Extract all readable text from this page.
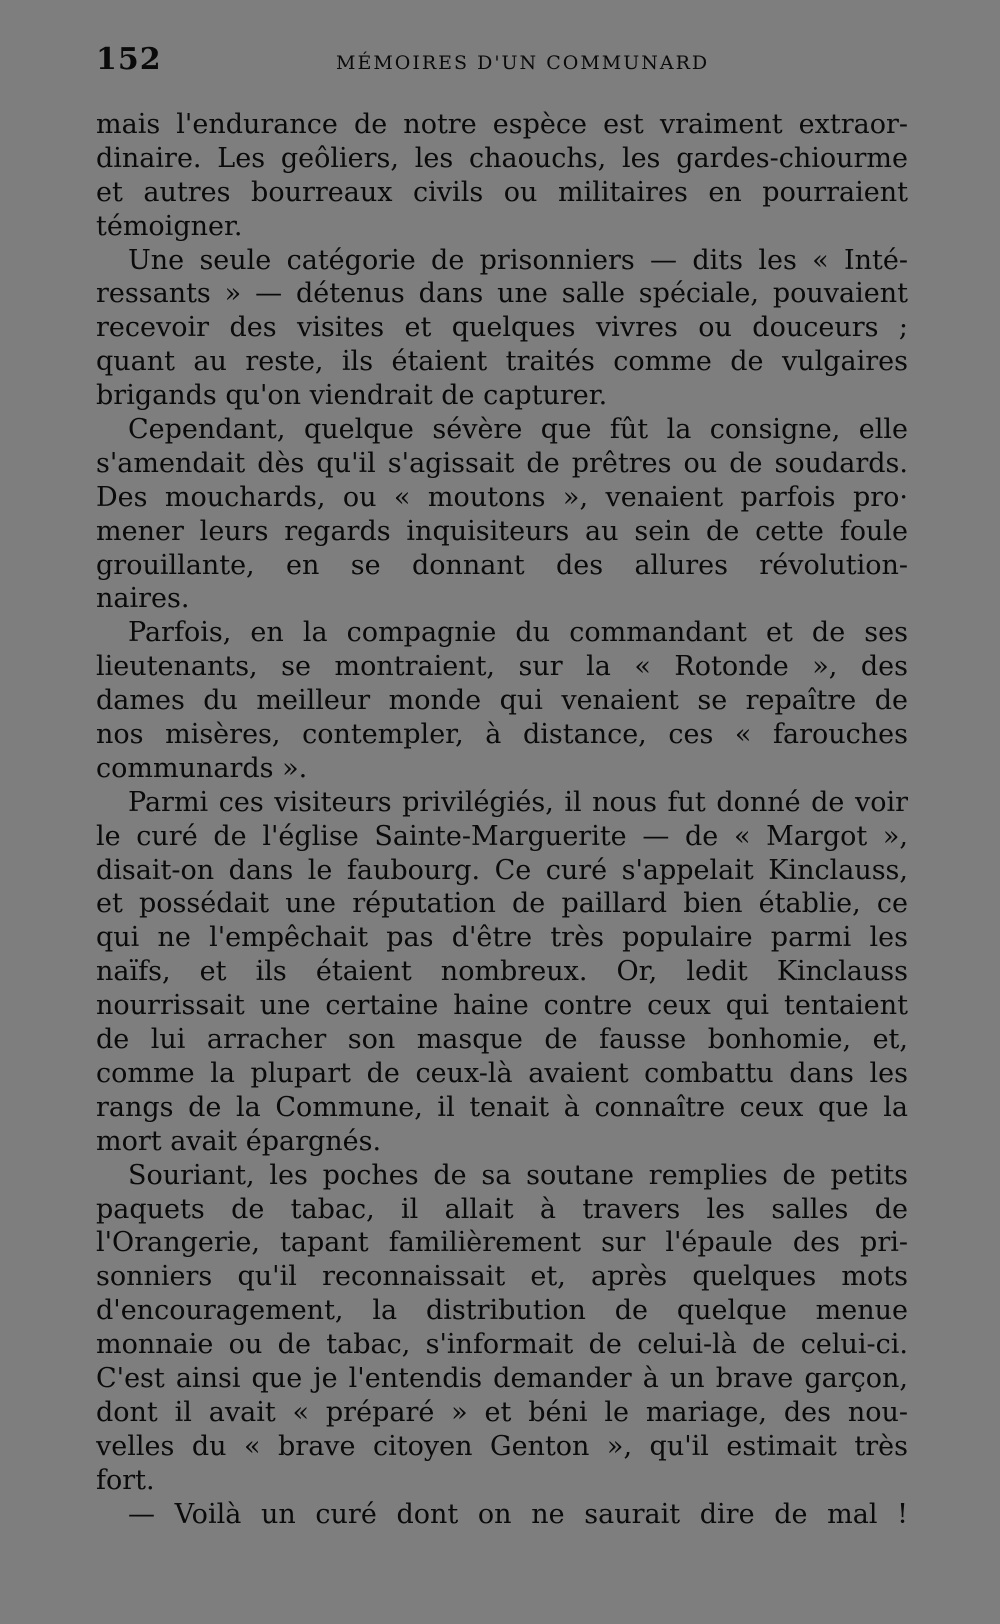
152	MÉMOIRES D'UN COMMUNARD
mais l'endurance de notre espèce est vraiment extraor-
dinaire. Les geôliers, les chaouchs, les gardes-chiourme
et autres bourreaux civils ou militaires en pourraient
témoigner.
Une seule catégorie de prisonniers — dits les « Inté-
ressants » — détenus dans une salle spéciale, pouvaient
recevoir des visites et quelques vivres ou douceurs ;
quant au reste, ils étaient traités comme de vulgaires
brigands qu'on viendrait de capturer.
Cependant, quelque sévère que fût la consigne, elle
s'amendait dès qu'il s'agissait de prêtres ou de soudards.
Des mouchards, ou « moutons », venaient parfois pro·
mener leurs regards inquisiteurs au sein de cette foule
grouillante, en se donnant des allures révolution-
naires.
Parfois, en la compagnie du commandant et de ses
lieutenants, se montraient, sur la « Rotonde », des
dames du meilleur monde qui venaient se repaître de
nos misères, contempler, à distance, ces « farouches
communards ».
Parmi ces visiteurs privilégiés, il nous fut donné de voir
le curé de l'église Sainte-Marguerite — de « Margot »,
disait-on dans le faubourg. Ce curé s'appelait Kinclauss,
et possédait une réputation de paillard bien établie, ce
qui ne l'empêchait pas d'être très populaire parmi les
naïfs, et ils étaient nombreux. Or, ledit Kinclauss
nourrissait une certaine haine contre ceux qui tentaient
de lui arracher son masque de fausse bonhomie, et,
comme la plupart de ceux-là avaient combattu dans les
rangs de la Commune, il tenait à connaître ceux que la
mort avait épargnés.
Souriant, les poches de sa soutane remplies de petits
paquets de tabac, il allait à travers les salles de
l'Orangerie, tapant familièrement sur l'épaule des pri-
sonniers qu'il reconnaissait et, après quelques mots
d'encouragement, la distribution de quelque menue
monnaie ou de tabac, s'informait de celui-là de celui-ci.
C'est ainsi que je l'entendis demander à un brave garçon,
dont il avait « préparé » et béni le mariage, des nou-
velles du « brave citoyen Genton », qu'il estimait très
fort.
— Voilà un curé dont on ne saurait dire de mal !
